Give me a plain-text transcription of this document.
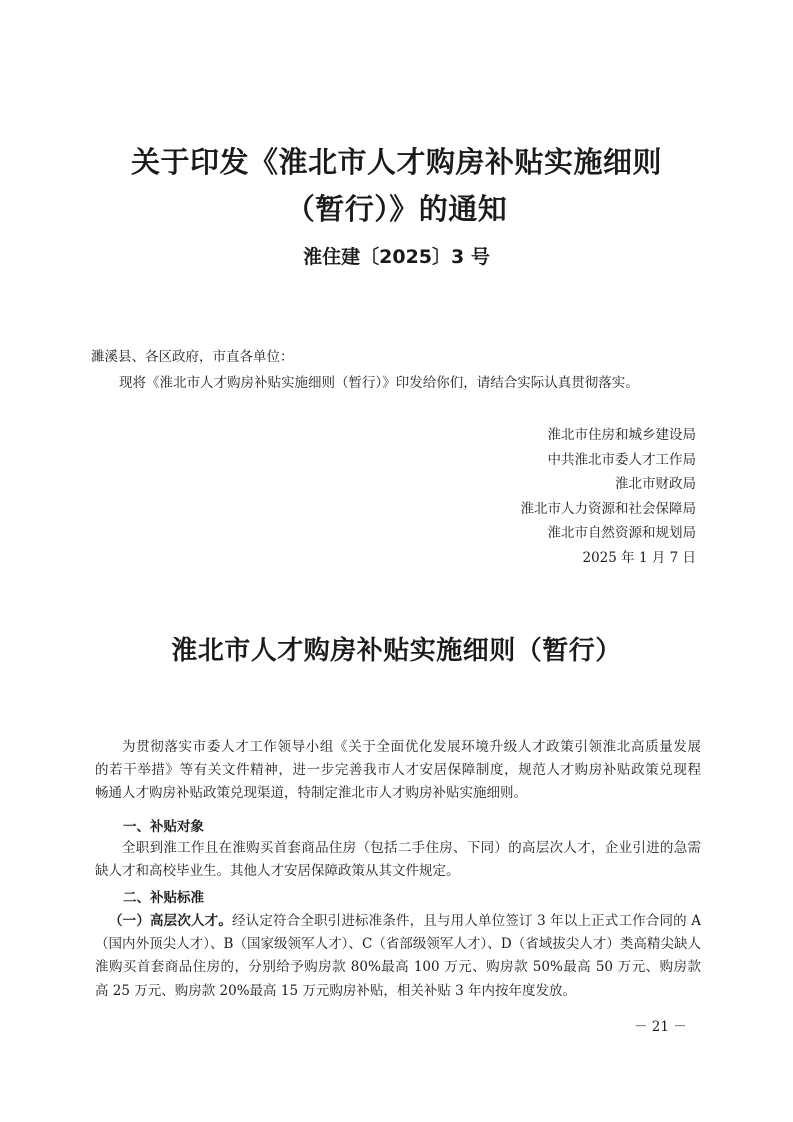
关于印发《淮北市人才购房补贴实施细则
（暂行）》的通知
淮住建〔2025〕3 号
濉溪县、各区政府，市直各单位：
现将《淮北市人才购房补贴实施细则（暂行）》印发给你们，请结合实际认真贯彻落实。
淮北市住房和城乡建设局
中共淮北市委人才工作局
淮北市财政局
淮北市人力资源和社会保障局
淮北市自然资源和规划局
2025 年 1 月 7 日
淮北市人才购房补贴实施细则（暂行）
为贯彻落实市委人才工作领导小组《关于全面优化发展环境升级人才政策引领淮北高质量发展
的若干举措》等有关文件精神，进一步完善我市人才安居保障制度，规范人才购房补贴政策兑现程
畅通人才购房补贴政策兑现渠道，特制定淮北市人才购房补贴实施细则。
一、补贴对象
全职到淮工作且在淮购买首套商品住房（包括二手住房、下同）的高层次人才，企业引进的急需
缺人才和高校毕业生。其他人才安居保障政策从其文件规定。
二、补贴标准
（一）高层次人才。经认定符合全职引进标准条件，且与用人单位签订 3 年以上正式工作合同的 A
（国内外顶尖人才）、B（国家级领军人才）、C（省部级领军人才）、D（省域拔尖人才）类高精尖缺人
淮购买首套商品住房的，分别给予购房款 80%最高 100 万元、购房款 50%最高 50 万元、购房款
高 25 万元、购房款 20%最高 15 万元购房补贴，相关补贴 3 年内按年度发放。
－ 21 －
